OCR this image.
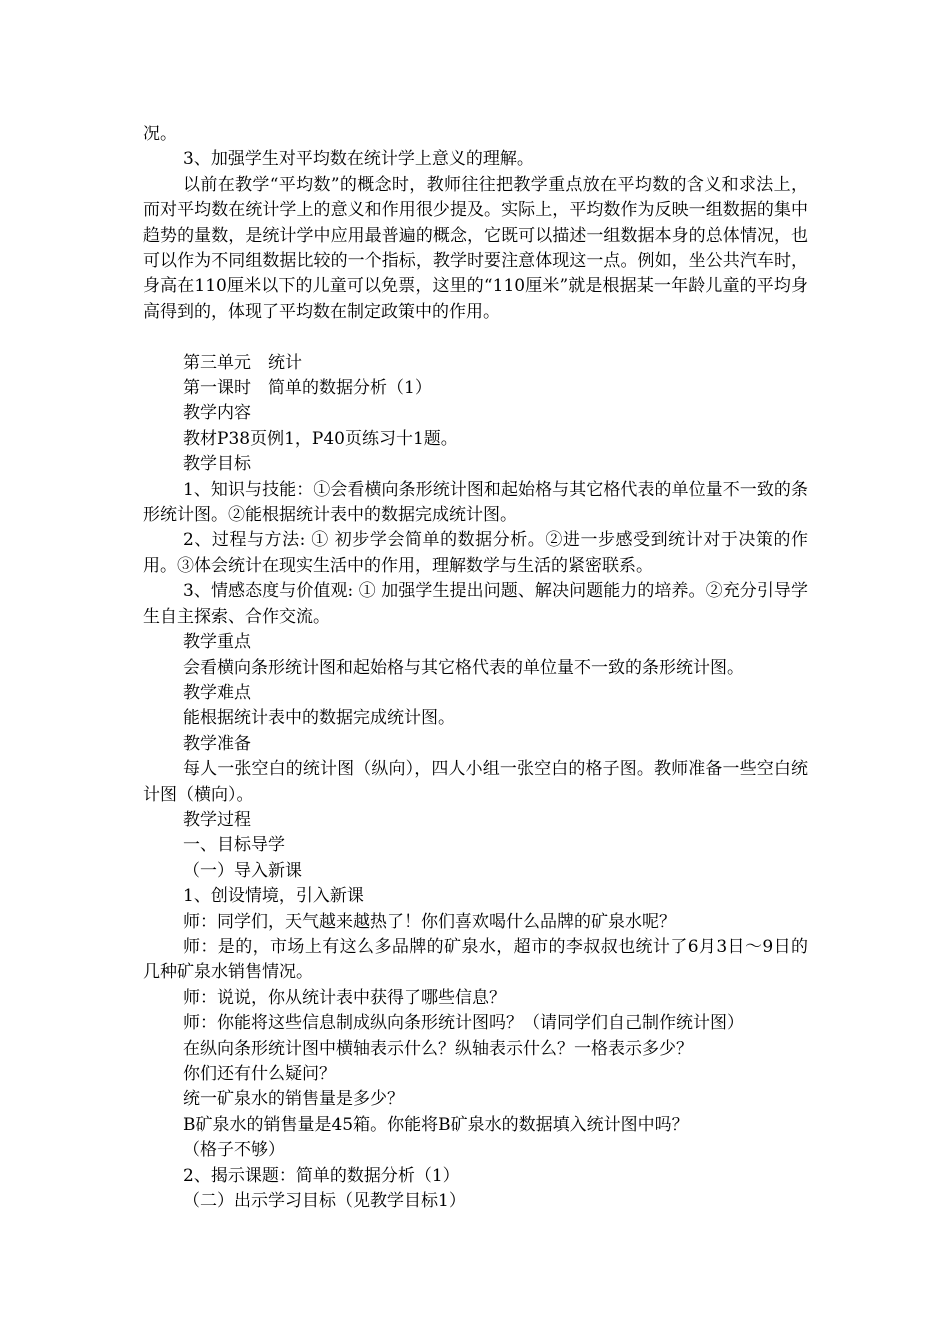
况。

3、加强学生对平均数在统计学上意义的理解。

以前在教学“平均数”的概念时，教师往往把教学重点放在平均数的含义和求法上，而对平均数在统计学上的意义和作用很少提及。实际上，平均数作为反映一组数据的集中趋势的量数，是统计学中应用最普遍的概念，它既可以描述一组数据本身的总体情况，也可以作为不同组数据比较的一个指标，教学时要注意体现这一点。例如，坐公共汽车时，身高在110厘米以下的儿童可以免票，这里的“110厘米”就是根据某一年龄儿童的平均身高得到的，体现了平均数在制定政策中的作用。

第三单元　统计

第一课时　简单的数据分析（1）

教学内容

教材P38页例1，P40页练习十1题。

教学目标

1、知识与技能：①会看横向条形统计图和起始格与其它格代表的单位量不一致的条形统计图。②能根据统计表中的数据完成统计图。

2、过程与方法: ① 初步学会简单的数据分析。②进一步感受到统计对于决策的作用。③体会统计在现实生活中的作用，理解数学与生活的紧密联系。

3、情感态度与价值观: ① 加强学生提出问题、解决问题能力的培养。②充分引导学生自主探索、合作交流。

教学重点

会看横向条形统计图和起始格与其它格代表的单位量不一致的条形统计图。

教学难点

能根据统计表中的数据完成统计图。

教学准备

每人一张空白的统计图（纵向），四人小组一张空白的格子图。教师准备一些空白统计图（横向）。

教学过程

一、目标导学

（一）导入新课

1、创设情境，引入新课

师：同学们，天气越来越热了！你们喜欢喝什么品牌的矿泉水呢？

师：是的，市场上有这么多品牌的矿泉水，超市的李叔叔也统计了6月3日～9日的几种矿泉水销售情况。

师：说说，你从统计表中获得了哪些信息？

师：你能将这些信息制成纵向条形统计图吗？（请同学们自己制作统计图）

在纵向条形统计图中横轴表示什么？纵轴表示什么？一格表示多少？

你们还有什么疑问？

统一矿泉水的销售量是多少？

B矿泉水的销售量是45箱。你能将B矿泉水的数据填入统计图中吗？

（格子不够）

2、揭示课题：简单的数据分析（1）

（二）出示学习目标（见教学目标1）
